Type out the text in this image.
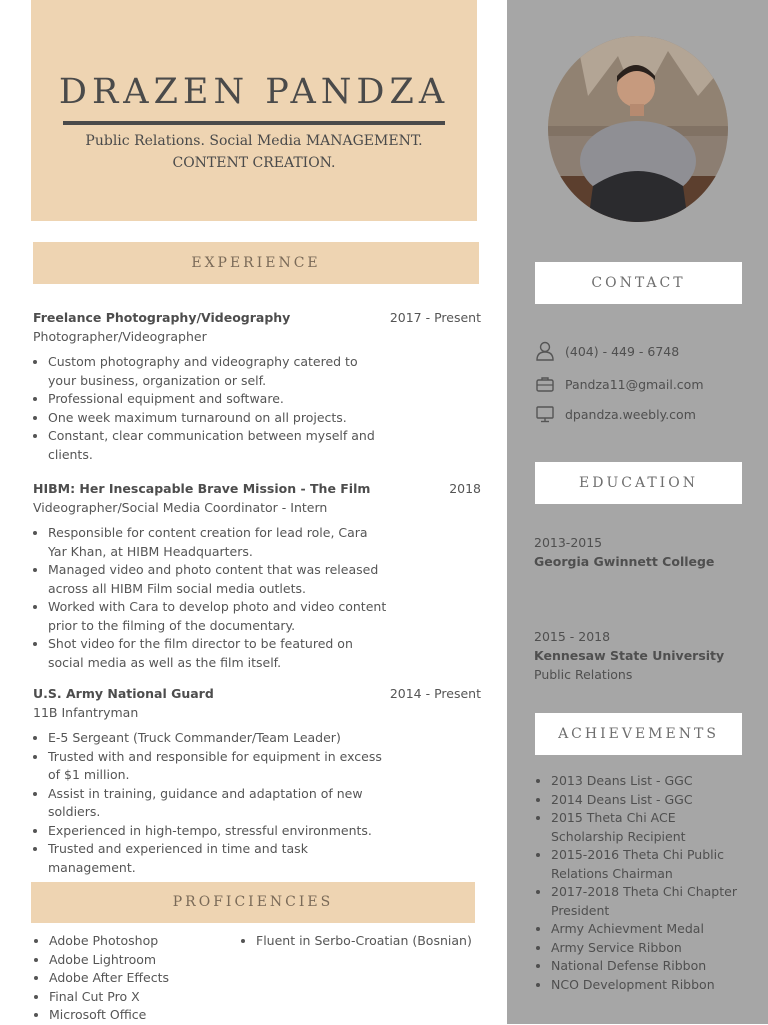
DRAZEN PANDZA
Public Relations. Social Media MANAGEMENT.
CONTENT CREATION.
EXPERIENCE
Freelance Photography/Videography	2017 - Present
Photographer/Videographer
• Custom photography and videography catered to your business, organization or self.
• Professional equipment and software.
• One week maximum turnaround on all projects.
• Constant, clear communication between myself and clients.
HIBM: Her Inescapable Brave Mission - The Film	2018
Videographer/Social Media Coordinator - Intern
• Responsible for content creation for lead role, Cara Yar Khan, at HIBM Headquarters.
• Managed video and photo content that was released across all HIBM Film social media outlets.
• Worked with Cara to develop photo and video content prior to the filming of the documentary.
• Shot video for the film director to be featured on social media as well as the film itself.
U.S. Army National Guard	2014 - Present
11B Infantryman
• E-5 Sergeant (Truck Commander/Team Leader)
• Trusted with and responsible for equipment in excess of $1 million.
• Assist in training, guidance and adaptation of new soldiers.
• Experienced in high-tempo, stressful environments.
• Trusted and experienced in time and task management.
PROFICIENCIES
• Adobe Photoshop
• Adobe Lightroom
• Adobe After Effects
• Final Cut Pro X
• Microsoft Office
• Fluent in Serbo-Croatian (Bosnian)
CONTACT
(404) - 449 - 6748
Pandza11@gmail.com
dpandza.weebly.com
EDUCATION
2013-2015
Georgia Gwinnett College
2015 - 2018
Kennesaw State University
Public Relations
ACHIEVEMENTS
• 2013 Deans List - GGC
• 2014 Deans List - GGC
• 2015 Theta Chi ACE Scholarship Recipient
• 2015-2016 Theta Chi Public Relations Chairman
• 2017-2018 Theta Chi Chapter President
• Army Achievment Medal
• Army Service Ribbon
• National Defense Ribbon
• NCO Development Ribbon
